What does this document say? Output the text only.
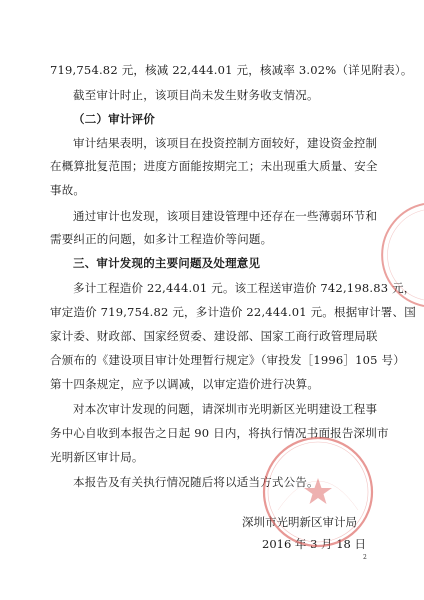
719,754.82 元，核减 22,444.01 元，核减率 3.02%（详见附表）。
截至审计时止，该项目尚未发生财务收支情况。
（二）审计评价
审计结果表明，该项目在投资控制方面较好，建设资金控制
在概算批复范围；进度方面能按期完工；未出现重大质量、安全
事故。
通过审计也发现，该项目建设管理中还存在一些薄弱环节和
需要纠正的问题，如多计工程造价等问题。
三、审计发现的主要问题及处理意见
多计工程造价 22,444.01 元。该工程送审造价 742,198.83 元，
审定造价 719,754.82 元，多计造价 22,444.01 元。根据审计署、国
家计委、财政部、国家经贸委、建设部、国家工商行政管理局联
合颁布的《建设项目审计处理暂行规定》（审投发［1996］105 号）
第十四条规定，应予以调减，以审定造价进行决算。
对本次审计发现的问题，请深圳市光明新区光明建设工程事
务中心自收到本报告之日起 90 日内，将执行情况书面报告深圳市
光明新区审计局。
本报告及有关执行情况随后将以适当方式公告。
深圳市光明新区审计局
2016 年 3 月 18 日
2
